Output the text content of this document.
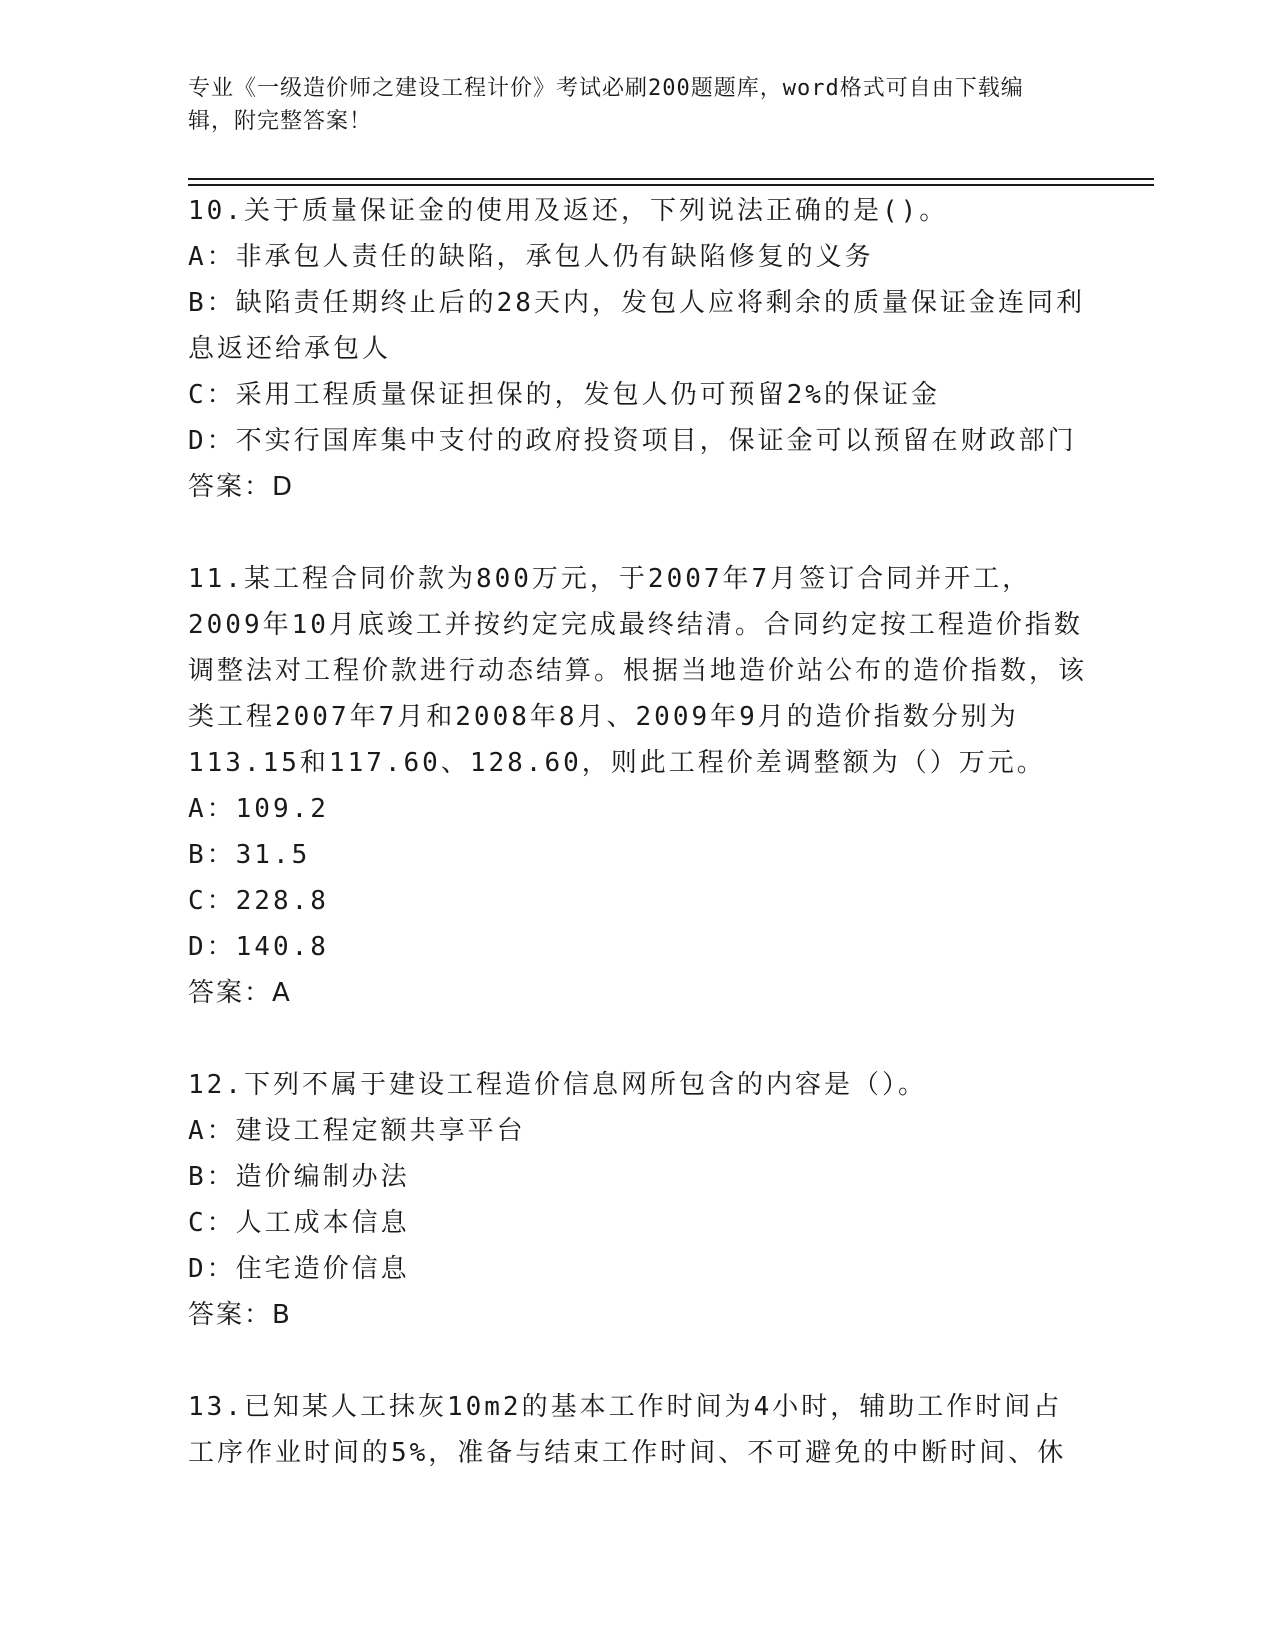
专业《一级造价师之建设工程计价》考试必刷200题题库，word格式可自由下载编辑，附完整答案！

10.关于质量保证金的使用及返还，下列说法正确的是()。

A：非承包人责任的缺陷，承包人仍有缺陷修复的义务

B：缺陷责任期终止后的28天内，发包人应将剩余的质量保证金连同利息返还给承包人

C：采用工程质量保证担保的，发包人仍可预留2%的保证金

D：不实行国库集中支付的政府投资项目，保证金可以预留在财政部门

答案：D

11.某工程合同价款为800万元，于2007年7月签订合同并开工，2009年10月底竣工并按约定完成最终结清。合同约定按工程造价指数调整法对工程价款进行动态结算。根据当地造价站公布的造价指数，该类工程2007年7月和2008年8月、2009年9月的造价指数分别为113.15和117.60、128.60，则此工程价差调整额为（）万元。

A：109.2

B：31.5

C：228.8

D：140.8

答案：A

12.下列不属于建设工程造价信息网所包含的内容是（）。

A：建设工程定额共享平台

B：造价编制办法

C：人工成本信息

D：住宅造价信息

答案：B

13.已知某人工抹灰10m2的基本工作时间为4小时，辅助工作时间占工序作业时间的5%，准备与结束工作时间、不可避免的中断时间、休
